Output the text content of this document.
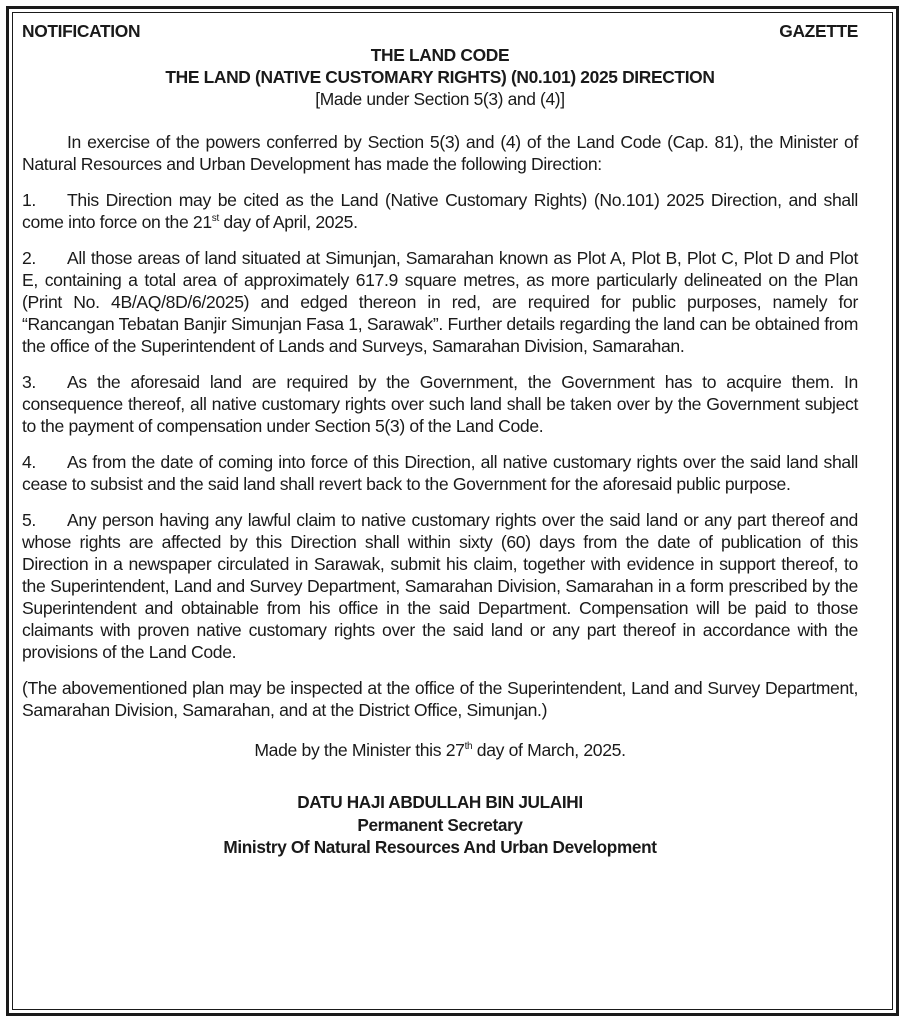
NOTIFICATION	GAZETTE
THE LAND CODE
THE LAND (NATIVE CUSTOMARY RIGHTS) (N0.101) 2025 DIRECTION
[Made under Section 5(3) and (4)]

In exercise of the powers conferred by Section 5(3) and (4) of the Land Code (Cap. 81), the Minister of Natural Resources and Urban Development has made the following Direction:

1. This Direction may be cited as the Land (Native Customary Rights) (No.101) 2025 Direction, and shall come into force on the 21st day of April, 2025.

2. All those areas of land situated at Simunjan, Samarahan known as Plot A, Plot B, Plot C, Plot D and Plot E, containing a total area of approximately 617.9 square metres, as more particularly delineated on the Plan (Print No. 4B/AQ/8D/6/2025) and edged thereon in red, are required for public purposes, namely for “Rancangan Tebatan Banjir Simunjan Fasa 1, Sarawak”. Further details regarding the land can be obtained from the office of the Superintendent of Lands and Surveys, Samarahan Division, Samarahan.

3. As the aforesaid land are required by the Government, the Government has to acquire them. In consequence thereof, all native customary rights over such land shall be taken over by the Government subject to the payment of compensation under Section 5(3) of the Land Code.

4. As from the date of coming into force of this Direction, all native customary rights over the said land shall cease to subsist and the said land shall revert back to the Government for the aforesaid public purpose.

5. Any person having any lawful claim to native customary rights over the said land or any part thereof and whose rights are affected by this Direction shall within sixty (60) days from the date of publication of this Direction in a newspaper circulated in Sarawak, submit his claim, together with evidence in support thereof, to the Superintendent, Land and Survey Department, Samarahan Division, Samarahan in a form prescribed by the Superintendent and obtainable from his office in the said Department. Compensation will be paid to those claimants with proven native customary rights over the said land or any part thereof in accordance with the provisions of the Land Code.

(The abovementioned plan may be inspected at the office of the Superintendent, Land and Survey Department, Samarahan Division, Samarahan, and at the District Office, Simunjan.)

Made by the Minister this 27th day of March, 2025.
DATU HAJI ABDULLAH BIN JULAIHI
Permanent Secretary
Ministry Of Natural Resources And Urban Development
